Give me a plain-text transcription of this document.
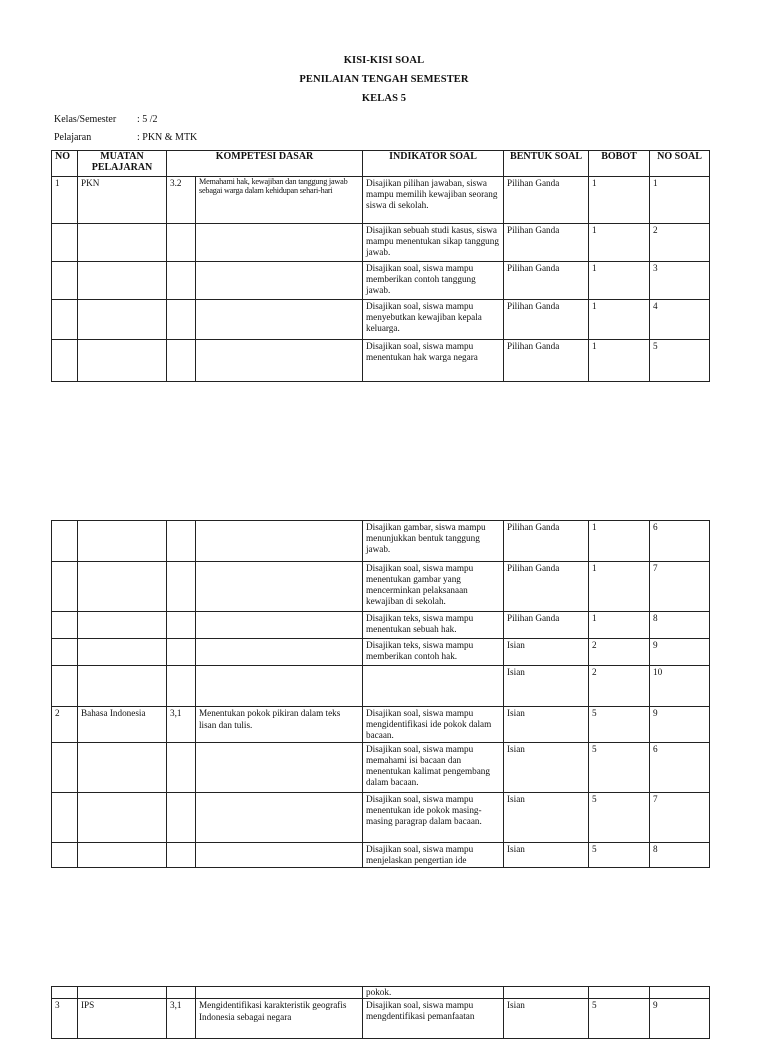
KISI-KISI SOAL
PENILAIAN TENGAH SEMESTER
KELAS 5
Kelas/Semester : 5 /2
Pelajaran	: PKN & MTK
NO	MUATAN PELAJARAN	KOMPETESI DASAR		INDIKATOR SOAL	BENTUK SOAL	BOBOT	NO SOAL
1	PKN	3.2	Memahami hak, kewajiban dan tanggung jawab sebagai warga dalam kehidupan sehari-hari	Disajikan pilihan jawaban, siswa mampu memilih kewajiban seorang siswa di sekolah.	Pilihan Ganda	1	1
				Disajikan sebuah studi kasus, siswa mampu menentukan sikap tanggung jawab.	Pilihan Ganda	1	2
				Disajikan soal, siswa mampu memberikan contoh tanggung jawab.	Pilihan Ganda	1	3
				Disajikan soal, siswa mampu menyebutkan kewajiban kepala keluarga.	Pilihan Ganda	1	4
				Disajikan soal, siswa mampu menentukan hak warga negara	Pilihan Ganda	1	5
				Disajikan gambar, siswa mampu menunjukkan bentuk tanggung jawab.	Pilihan Ganda	1	6
				Disajikan soal, siswa mampu menentukan gambar yang mencerminkan pelaksanaan kewajiban di sekolah.	Pilihan Ganda	1	7
				Disajikan teks, siswa mampu menentukan sebuah hak.	Pilihan Ganda	1	8
				Disajikan teks, siswa mampu memberikan contoh hak.	Isian	2	9
					Isian	2	10
2	Bahasa Indonesia	3,1	Menentukan pokok pikiran dalam teks lisan dan tulis.	Disajikan soal, siswa mampu mengidentifikasi ide pokok dalam bacaan.	Isian	5	9
				Disajikan soal, siswa mampu memahami isi bacaan dan menentukan kalimat pengembang dalam bacaan.	Isian	5	6
				Disajikan soal, siswa mampu menentukan ide pokok masing-masing paragrap dalam bacaan.	Isian	5	7
				Disajikan soal, siswa mampu menjelaskan pengertian ide	Isian	5	8
				pokok.			
3	IPS	3,1	Mengidentifikasi karakteristik geografis Indonesia sebagai negara	Disajikan soal, siswa mampu mengdentifikasi pemanfaatan	Isian	5	9
